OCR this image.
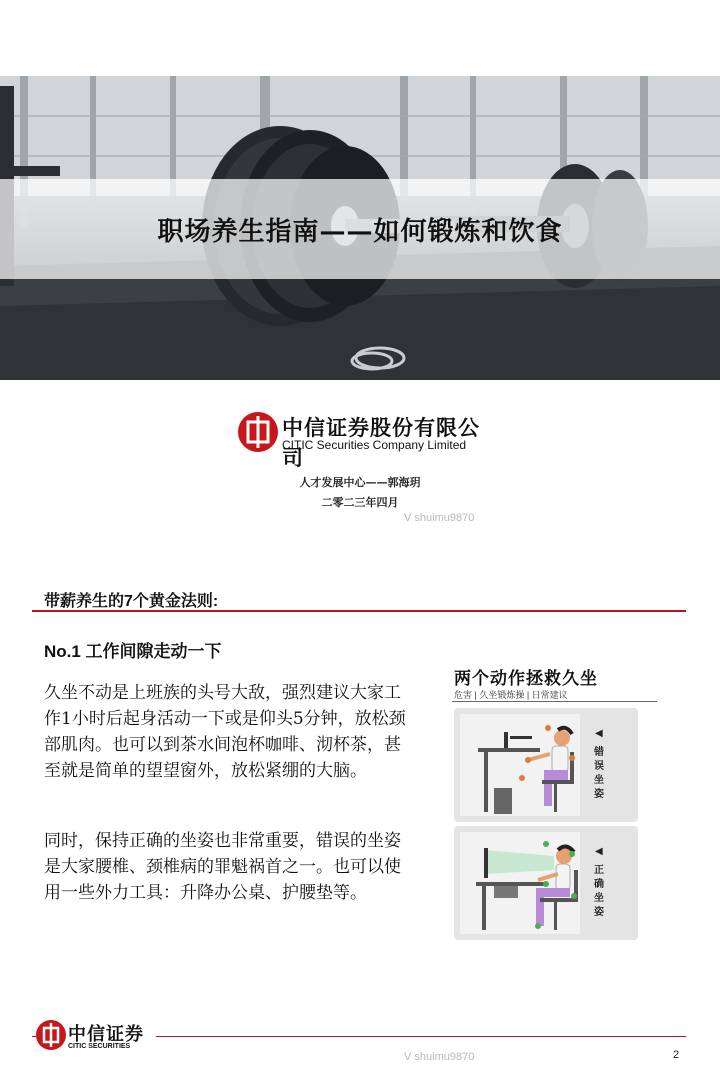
职场养生指南——如何锻炼和饮食
中信证券股份有限公司
CITIC Securities Company Limited
人才发展中心——郭海玥
二零二三年四月
V shuimu9870
带薪养生的7个黄金法则:
No.1 工作间隙走动一下

久坐不动是上班族的头号大敌，强烈建议大家工作1小时后起身活动一下或是仰头5分钟，放松颈部肌肉。也可以到茶水间泡杯咖啡、沏杯茶，甚至就是简单的望望窗外，放松紧绷的大脑。

同时，保持正确的坐姿也非常重要，错误的坐姿是大家腰椎、颈椎病的罪魁祸首之一。也可以使用一些外力工具：升降办公桌、护腰垫等。

两个动作拯救久坐
危害 | 久坐锻炼操 | 日常建议
◀
错误坐姿
◀
正确坐姿
中信证券
CITIC SECURITIES
V shuimu9870	2
